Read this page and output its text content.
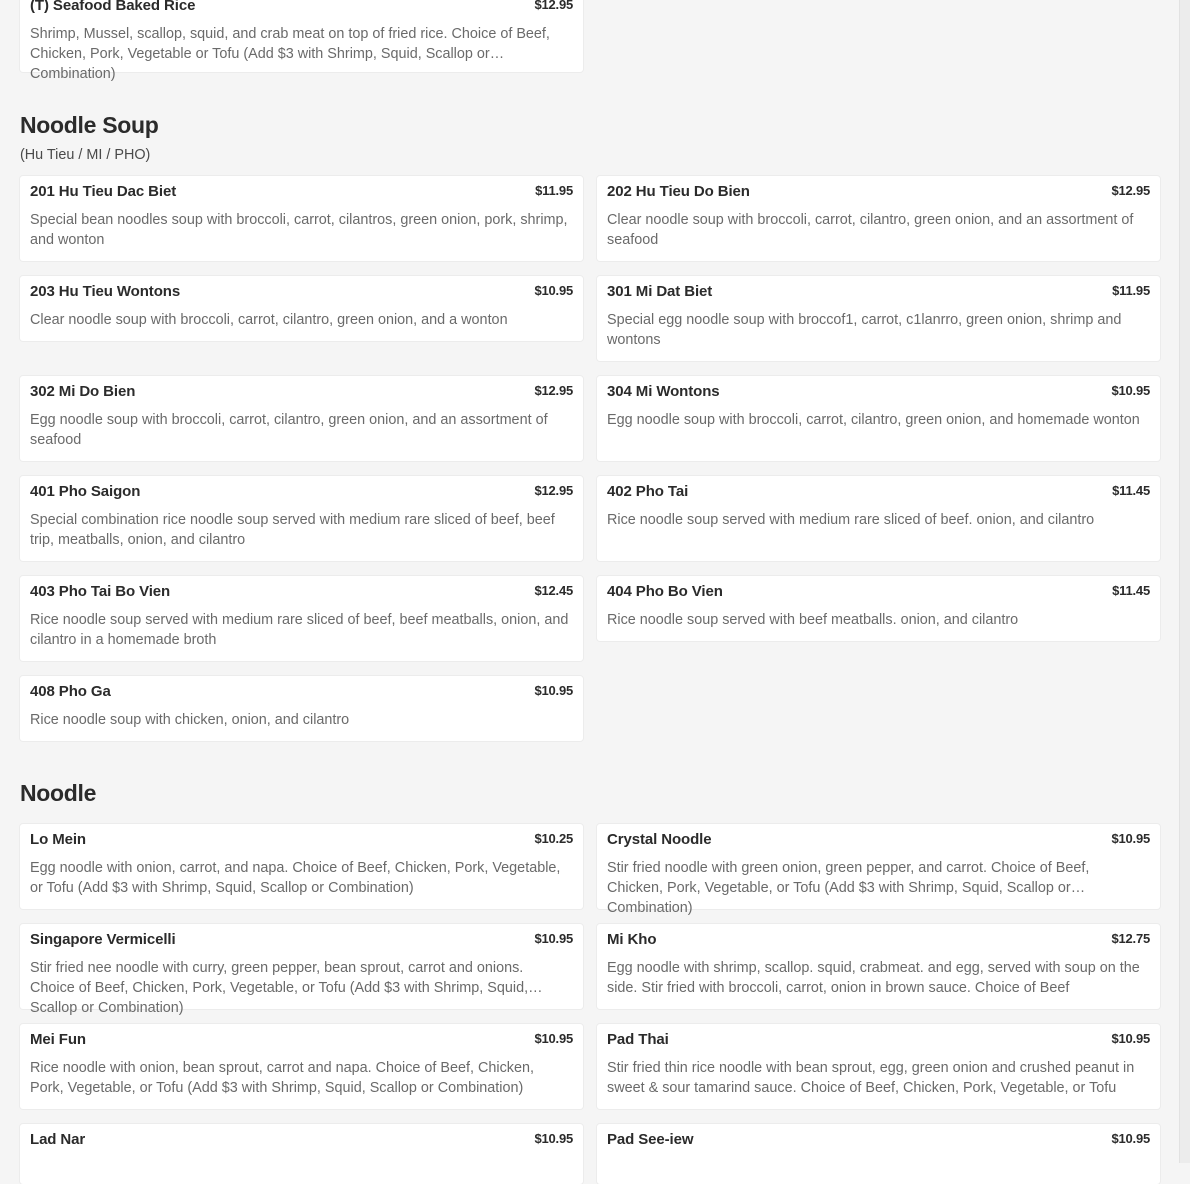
(T) Seafood Baked Rice	$12.95
Shrimp, Mussel, scallop, squid, and crab meat on top of fried rice. Choice of Beef, Chicken, Pork, Vegetable or Tofu (Add $3 with Shrimp, Squid, Scallop or Combination)
Noodle Soup
(Hu Tieu / MI / PHO)
201 Hu Tieu Dac Biet	$11.95
Special bean noodles soup with broccoli, carrot, cilantros, green onion, pork, shrimp, and wonton
202 Hu Tieu Do Bien	$12.95
Clear noodle soup with broccoli, carrot, cilantro, green onion, and an assortment of seafood
203 Hu Tieu Wontons	$10.95
Clear noodle soup with broccoli, carrot, cilantro, green onion, and a wonton
301 Mi Dat Biet	$11.95
Special egg noodle soup with broccof1, carrot, c1lanrro, green onion, shrimp and wontons
302 Mi Do Bien	$12.95
Egg noodle soup with broccoli, carrot, cilantro, green onion, and an assortment of seafood
304 Mi Wontons	$10.95
Egg noodle soup with broccoli, carrot, cilantro, green onion, and homemade wonton
401 Pho Saigon	$12.95
Special combination rice noodle soup served with medium rare sliced of beef, beef trip, meatballs, onion, and cilantro
402 Pho Tai	$11.45
Rice noodle soup served with medium rare sliced of beef. onion, and cilantro
403 Pho Tai Bo Vien	$12.45
Rice noodle soup served with medium rare sliced of beef, beef meatballs, onion, and cilantro in a homemade broth
404 Pho Bo Vien	$11.45
Rice noodle soup served with beef meatballs. onion, and cilantro
408 Pho Ga	$10.95
Rice noodle soup with chicken, onion, and cilantro
Noodle
Lo Mein	$10.25
Egg noodle with onion, carrot, and napa. Choice of Beef, Chicken, Pork, Vegetable, or Tofu (Add $3 with Shrimp, Squid, Scallop or Combination)
Crystal Noodle	$10.95
Stir fried noodle with green onion, green pepper, and carrot. Choice of Beef, Chicken, Pork, Vegetable, or Tofu (Add $3 with Shrimp, Squid, Scallop or Combination)
Singapore Vermicelli	$10.95
Stir fried nee noodle with curry, green pepper, bean sprout, carrot and onions. Choice of Beef, Chicken, Pork, Vegetable, or Tofu (Add $3 with Shrimp, Squid, Scallop or Combination)
Mi Kho	$12.75
Egg noodle with shrimp, scallop. squid, crabmeat. and egg, served with soup on the side. Stir fried with broccoli, carrot, onion in brown sauce. Choice of Beef
Mei Fun	$10.95
Rice noodle with onion, bean sprout, carrot and napa. Choice of Beef, Chicken, Pork, Vegetable, or Tofu (Add $3 with Shrimp, Squid, Scallop or Combination)
Pad Thai	$10.95
Stir fried thin rice noodle with bean sprout, egg, green onion and crushed peanut in sweet & sour tamarind sauce. Choice of Beef, Chicken, Pork, Vegetable, or Tofu
Lad Nar	$10.95 Pad See-iew	$10.95
